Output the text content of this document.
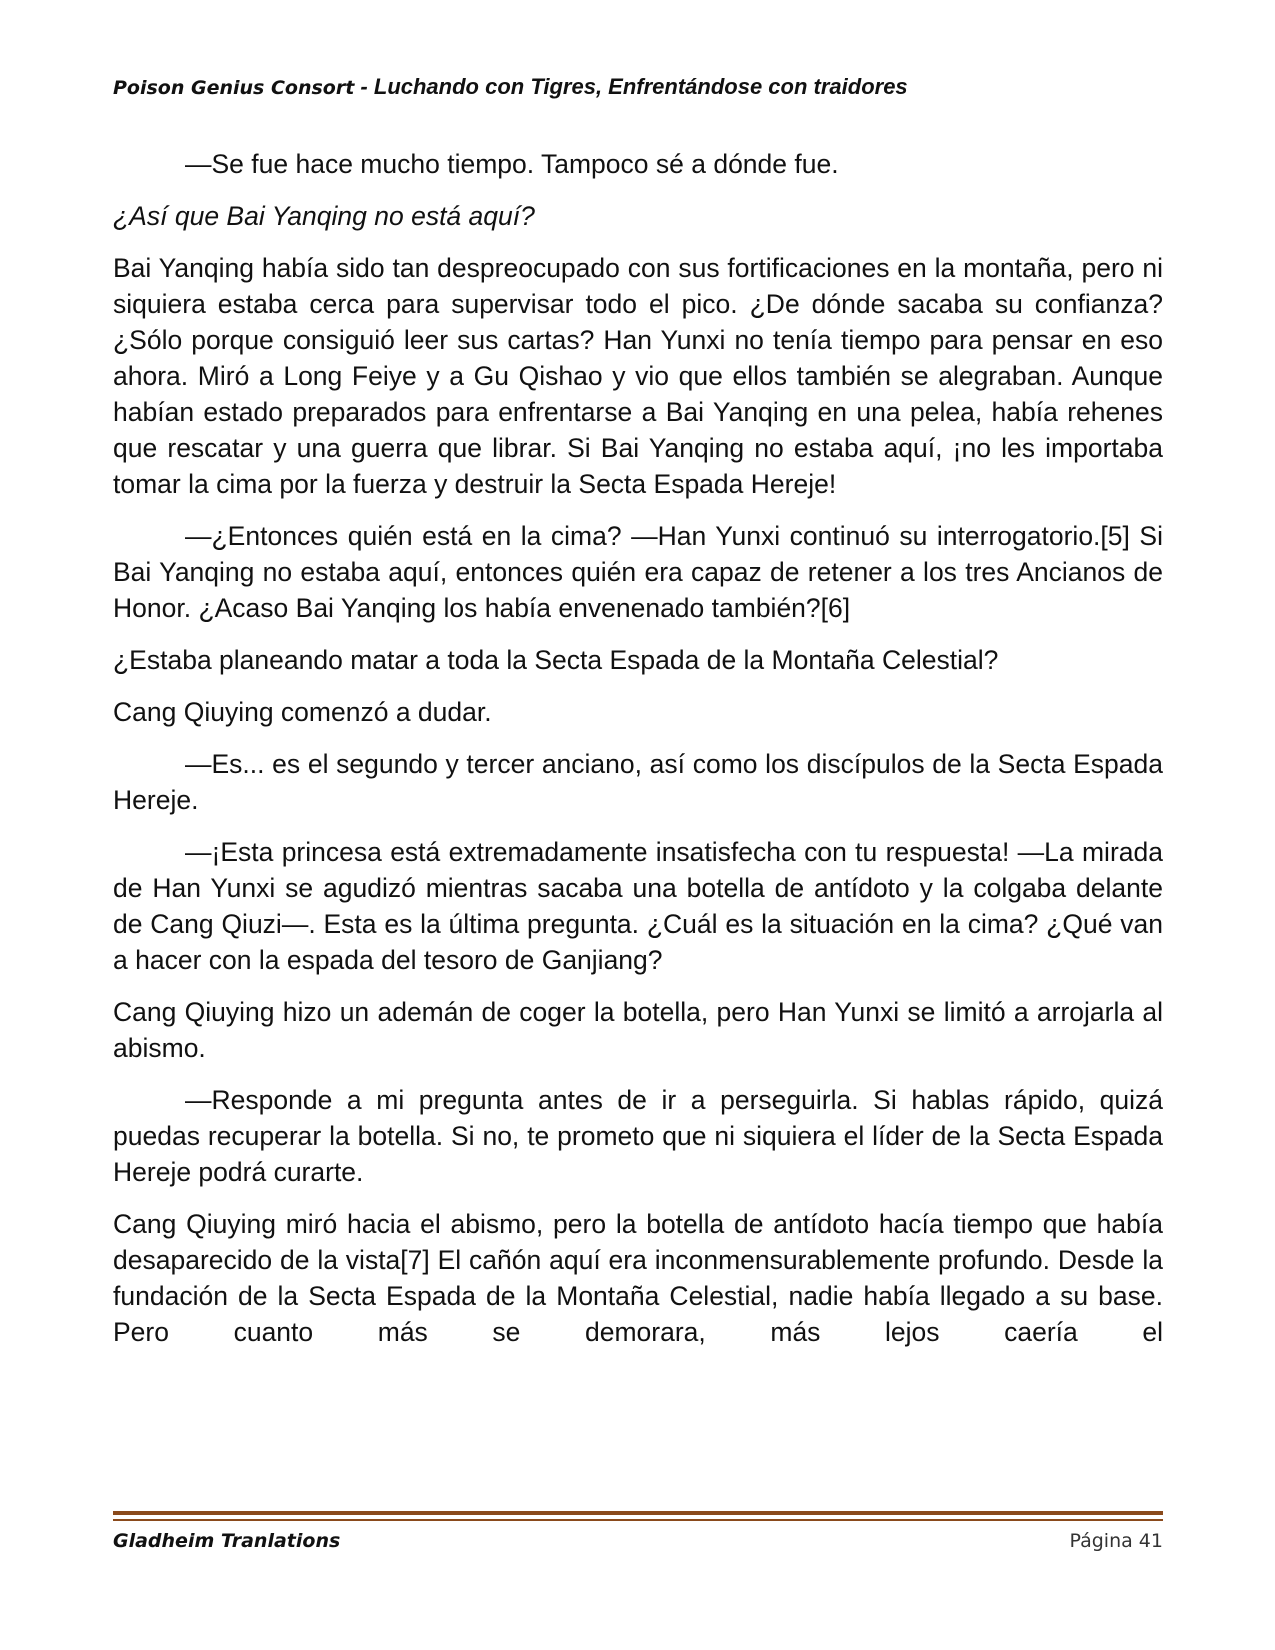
Poison Genius Consort - Luchando con Tigres, Enfrentándose con traidores

—Se fue hace mucho tiempo. Tampoco sé a dónde fue.

¿Así que Bai Yanqing no está aquí?

Bai Yanqing había sido tan despreocupado con sus fortificaciones en la montaña, pero ni siquiera estaba cerca para supervisar todo el pico. ¿De dónde sacaba su confianza? ¿Sólo porque consiguió leer sus cartas? Han Yunxi no tenía tiempo para pensar en eso ahora. Miró a Long Feiye y a Gu Qishao y vio que ellos también se alegraban. Aunque habían estado preparados para enfrentarse a Bai Yanqing en una pelea, había rehenes que rescatar y una guerra que librar. Si Bai Yanqing no estaba aquí, ¡no les importaba tomar la cima por la fuerza y destruir la Secta Espada Hereje!

—¿Entonces quién está en la cima? —Han Yunxi continuó su interrogatorio.[5] Si Bai Yanqing no estaba aquí, entonces quién era capaz de retener a los tres Ancianos de Honor. ¿Acaso Bai Yanqing los había envenenado también?[6]

¿Estaba planeando matar a toda la Secta Espada de la Montaña Celestial?

Cang Qiuying comenzó a dudar.

—Es... es el segundo y tercer anciano, así como los discípulos de la Secta Espada Hereje.

—¡Esta princesa está extremadamente insatisfecha con tu respuesta! —La mirada de Han Yunxi se agudizó mientras sacaba una botella de antídoto y la colgaba delante de Cang Qiuzi—. Esta es la última pregunta. ¿Cuál es la situación en la cima? ¿Qué van a hacer con la espada del tesoro de Ganjiang?

Cang Qiuying hizo un ademán de coger la botella, pero Han Yunxi se limitó a arrojarla al abismo.

—Responde a mi pregunta antes de ir a perseguirla. Si hablas rápido, quizá puedas recuperar la botella. Si no, te prometo que ni siquiera el líder de la Secta Espada Hereje podrá curarte.

Cang Qiuying miró hacia el abismo, pero la botella de antídoto hacía tiempo que había desaparecido de la vista[7] El cañón aquí era inconmensurablemente profundo. Desde la fundación de la Secta Espada de la Montaña Celestial, nadie había llegado a su base. Pero cuanto más se demorara, más lejos caería el

Gladheim Tranlations	Página 41
